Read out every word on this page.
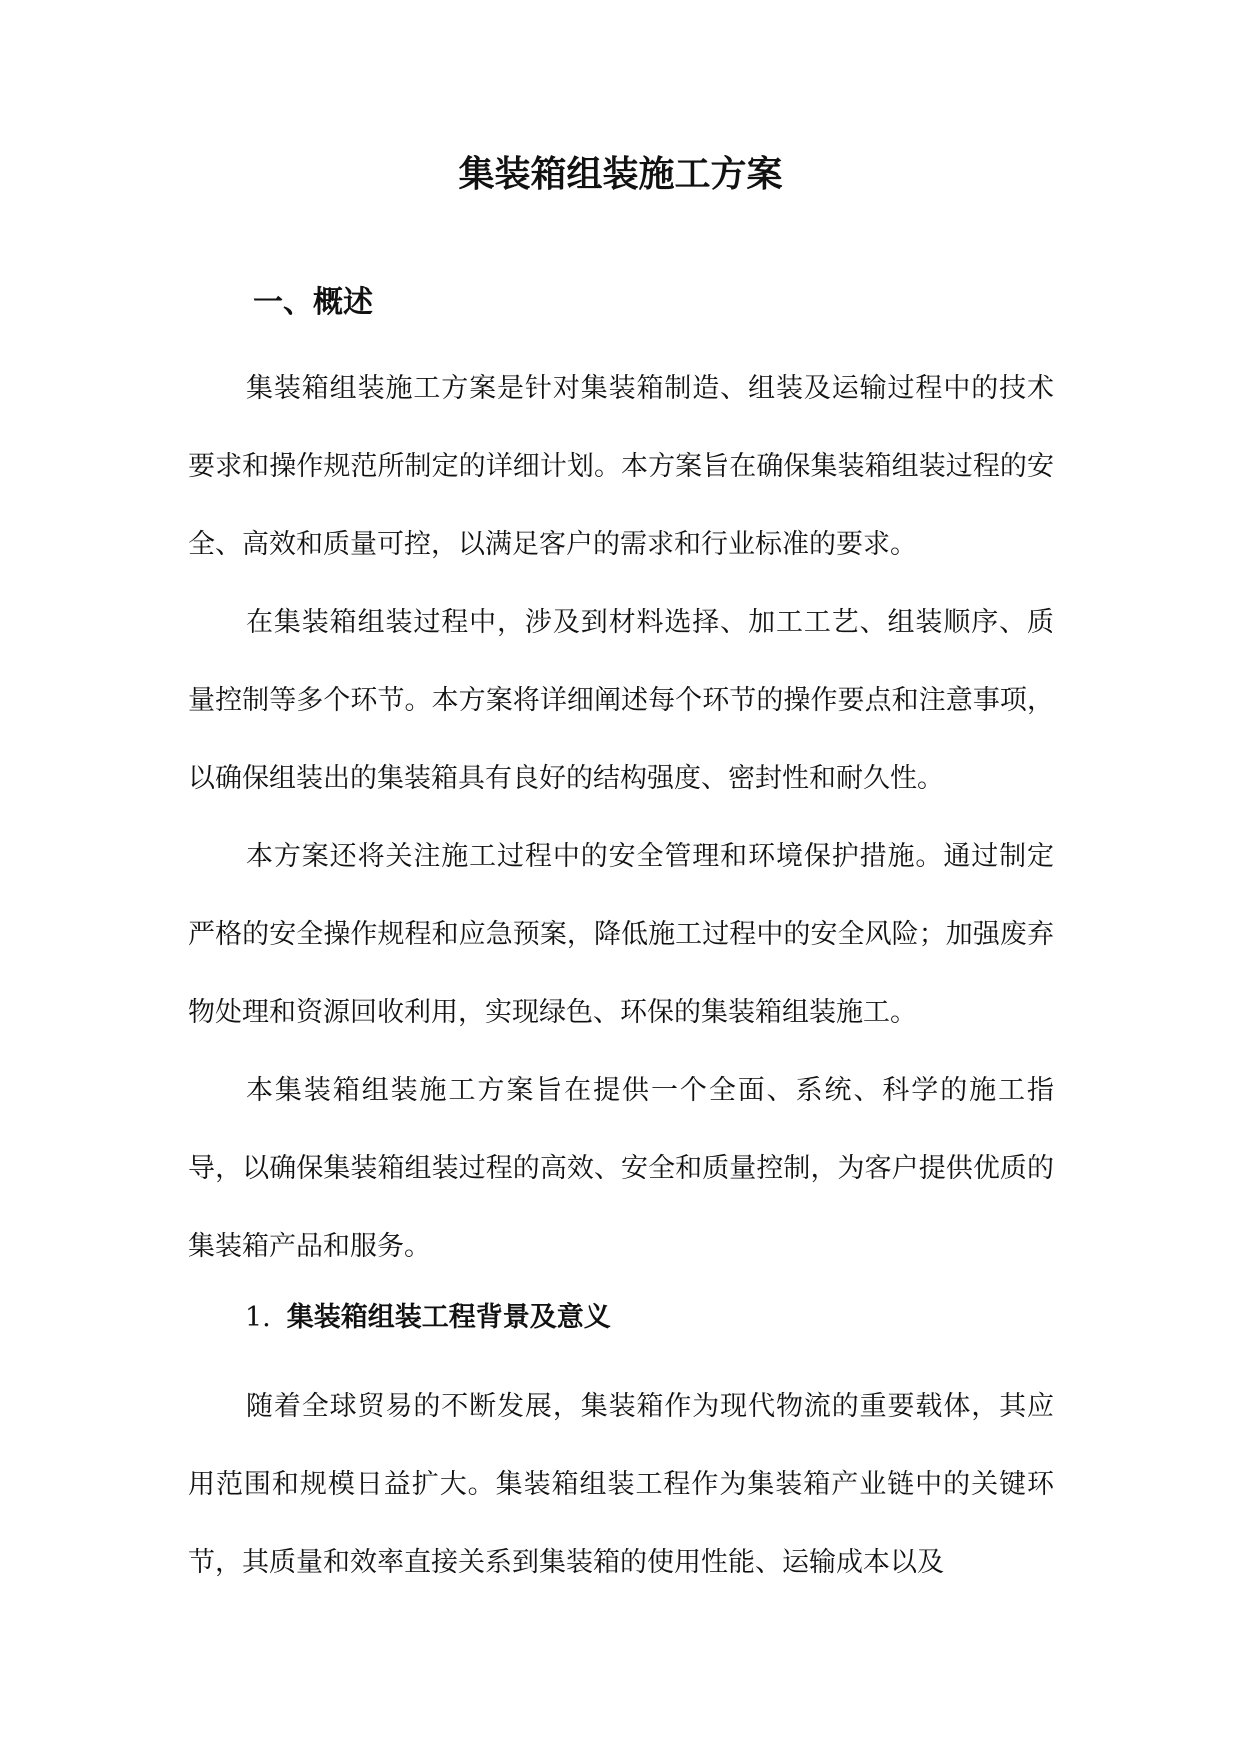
集装箱组装施工方案
一、概述

集装箱组装施工方案是针对集装箱制造、组装及运输过程中的技术要求和操作规范所制定的详细计划。本方案旨在确保集装箱组装过程的安全、高效和质量可控，以满足客户的需求和行业标准的要求。

在集装箱组装过程中，涉及到材料选择、加工工艺、组装顺序、质量控制等多个环节。本方案将详细阐述每个环节的操作要点和注意事项，以确保组装出的集装箱具有良好的结构强度、密封性和耐久性。

本方案还将关注施工过程中的安全管理和环境保护措施。通过制定严格的安全操作规程和应急预案，降低施工过程中的安全风险；加强废弃物处理和资源回收利用，实现绿色、环保的集装箱组装施工。

本集装箱组装施工方案旨在提供一个全面、系统、科学的施工指导，以确保集装箱组装过程的高效、安全和质量控制，为客户提供优质的集装箱产品和服务。

1. 集装箱组装工程背景及意义

随着全球贸易的不断发展，集装箱作为现代物流的重要载体，其应用范围和规模日益扩大。集装箱组装工程作为集装箱产业链中的关键环节，其质量和效率直接关系到集装箱的使用性能、运输成本以及
